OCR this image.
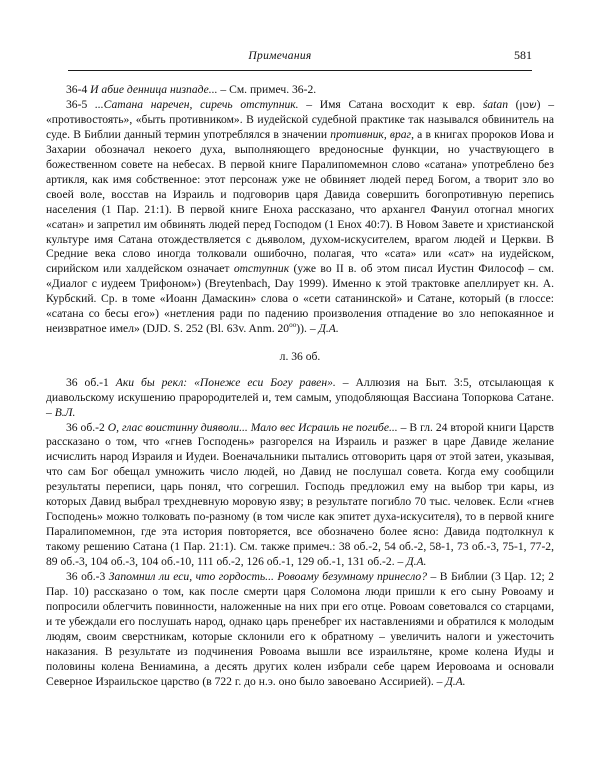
Примечания	581

36-4 И абие денница низпаде... – См. примеч. 36-2.

36-5 ...Сатана наречен, сиречь отступник. – Имя Сатана восходит к евр. śatan (שטן) – «противостоять», «быть противником». В иудейской судебной практике так назывался обвинитель на суде. В Библии данный термин употреблялся в значении противник, враг, а в книгах пророков Иова и Захарии обозначал некоего духа, выполняющего вредоносные функции, но участвующего в божественном совете на небесах. В первой книге Паралипомемнон слово «сатана» употреблено без артикля, как имя собственное: этот персонаж уже не обвиняет людей перед Богом, а творит зло во своей воле, восстав на Израиль и подговорив царя Давида совершить богопротивную перепись населения (1 Пар. 21:1). В первой книге Еноха рассказано, что архангел Фануил отогнал многих «сатан» и запретил им обвинять людей перед Господом (1 Енох 40:7). В Новом Завете и христианской культуре имя Сатана отождествляется с дьяволом, духом-искусителем, врагом людей и Церкви. В Средние века слово иногда толковали ошибочно, полагая, что «сата» или «сат» на иудейском, сирийском или халдейском означает отступник (уже во II в. об этом писал Иустин Философ – см. «Диалог с иудеем Трифоном») (Breytenbach, Day 1999). Именно к этой трактовке апеллирует кн. А. Курбский. Ср. в томе «Иоанн Дамаскин» слова о «сети сатанинской» и Сатане, который (в глоссе: «сатана со бесы его») «нетления ради по падению произволения отпадение во зло непокаянное и неизвратное имел» (DJD. S. 252 (Bl. 63v. Anm. $20^{оо}$)). – Д.А.

л. 36 об.

36 об.-1 Аки бы рекл: «Понеже еси Богу равен». – Аллюзия на Быт. 3:5, отсылающая к диавольскому искушению прарородителей и, тем самым, уподобляющая Вассиана Топоркова Сатане. – В.Л.

36 об.-2 О, глас воистинну дияволи... Мало вес Исраиль не погибе... – В гл. 24 второй книги Царств рассказано о том, что «гнев Господень» разгорелся на Израиль и разжег в царе Давиде желание исчислить народ Израиля и Иудеи. Военачальники пытались отговорить царя от этой затеи, указывая, что сам Бог обещал умножить число людей, но Давид не послушал совета. Когда ему сообщили результаты переписи, царь понял, что согрешил. Господь предложил ему на выбор три кары, из которых Давид выбрал трехдневную моровую язву; в результате погибло 70 тыс. человек. Если «гнев Господень» можно толковать по-разному (в том числе как эпитет духа-искусителя), то в первой книге Паралипомемнон, где эта история повторяется, все обозначено более ясно: Давида подтолкнул к такому решению Сатана (1 Пар. 21:1). См. также примеч.: 38 об.-2, 54 об.-2, 58-1, 73 об.-3, 75-1, 77-2, 89 об.-3, 104 об.-3, 104 об.-10, 111 об.-2, 126 об.-1, 129 об.-1, 131 об.-2. – Д.А.

36 об.-3 Запомнил ли еси, что гордость... Ровоаму безумному принесло? – В Библии (3 Цар. 12; 2 Пар. 10) рассказано о том, как после смерти царя Соломона люди пришли к его сыну Ровоаму и попросили облегчить повинности, наложенные на них при его отце. Ровоам советовался со старцами, и те убеждали его послушать народ, однако царь пренебрег их наставлениями и обратился к молодым людям, своим сверстникам, которые склонили его к обратному – увеличить налоги и ужесточить наказания. В результате из подчинения Ровоама вышли все израильтяне, кроме колена Иуды и половины колена Вениамина, а десять других колен избрали себе царем Иеровоама и основали Северное Израильское царство (в 722 г. до н.э. оно было завоевано Ассирией). – Д.А.
